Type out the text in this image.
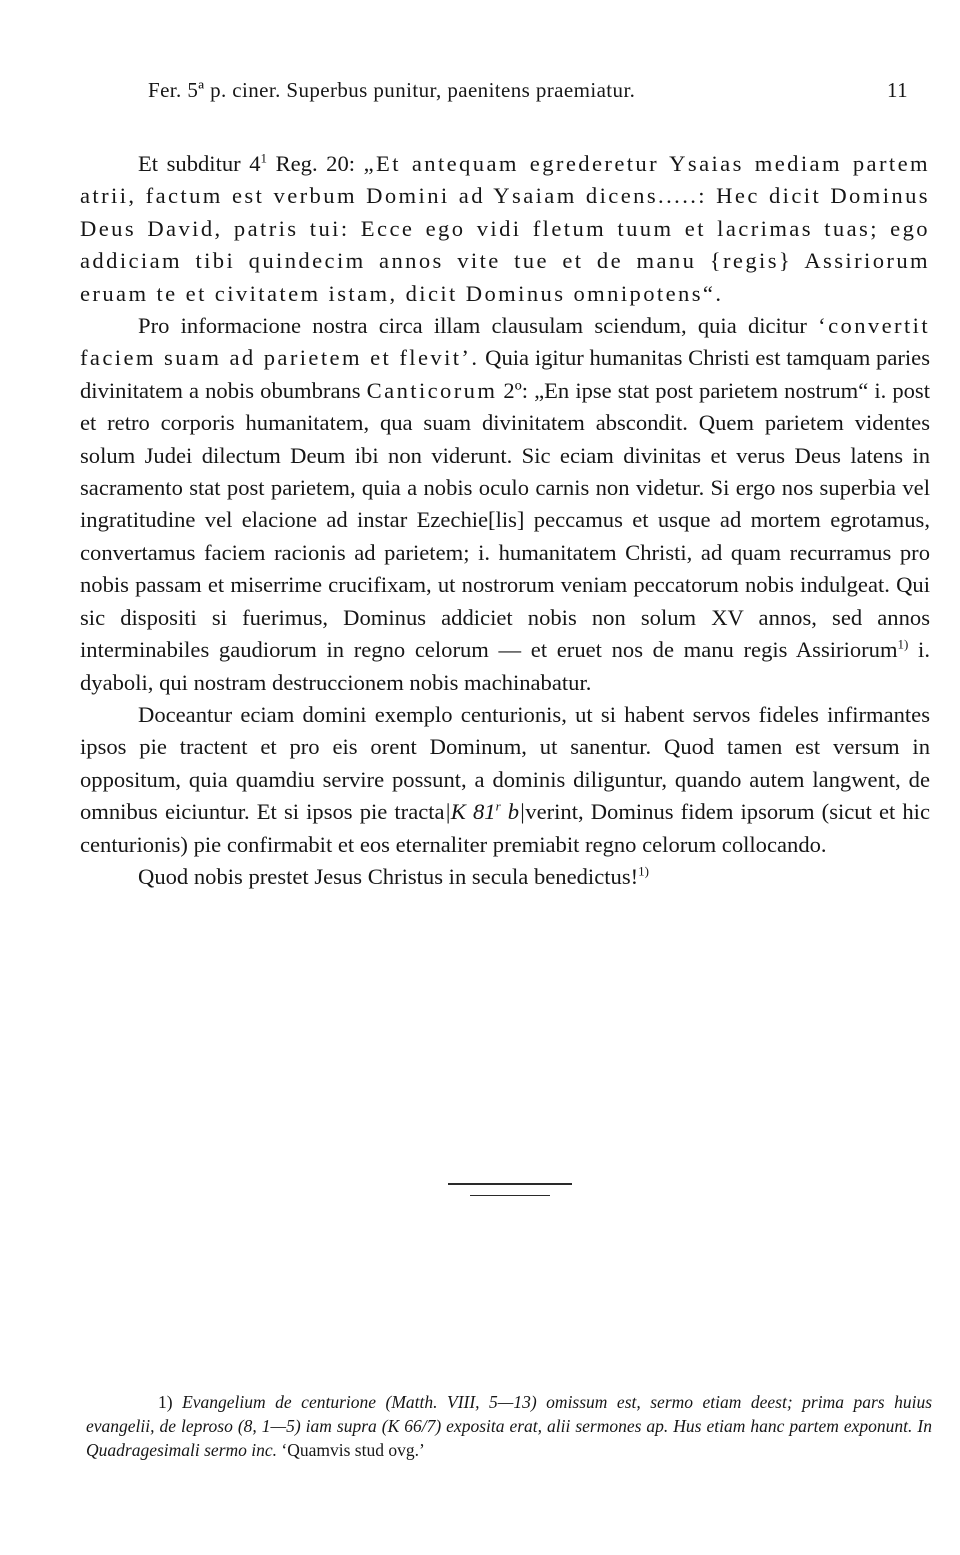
Fer. 5ª p. ciner. Superbus punitur, paenitens praemiatur.	11

Et subditur $4^1$ Reg. 20: „Et antequam egrederetur Ysaias mediam partem atrii, factum est verbum Domini ad Ysaiam dicens.....: Hec dicit Dominus Deus David, patris tui: Ecce ego vidi fletum tuum et lacrimas tuas; ego addiciam tibi quindecim annos vite tue et de manu {regis} Assiriorum eruam te et civitatem istam, dicit Dominus omnipotens“.

Pro informacione nostra circa illam clausulam sciendum, quia dicitur ‘convertit faciem suam ad parietem et flevit’. Quia igitur humanitas Christi est tamquam paries divinitatem a nobis obumbrans Canticorum 2º: „En ipse stat post parietem nostrum“ i. post et retro corporis humanitatem, qua suam divinitatem abscondit. Quem parietem videntes solum Judei dilectum Deum ibi non viderunt. Sic eciam divinitas et verus Deus latens in sacramento stat post parietem, quia a nobis oculo carnis non videtur. Si ergo nos superbia vel ingratitudine vel elacione ad instar Ezechie[lis] peccamus et usque ad mortem egrotamus, convertamus faciem racionis ad parietem; i. humanitatem Christi, ad quam recurramus pro nobis passam et miserrime crucifixam, ut nostrorum veniam peccatorum nobis indulgeat. Qui sic dispositi si fuerimus, Dominus addiciet nobis non solum XV annos, sed annos interminabiles gaudiorum in regno celorum — et eruet nos de manu regis Assiriorum$^{1)}$ i. dyaboli, qui nostram destruccionem nobis machinabatur.

Doceantur eciam domini exemplo centurionis, ut si habent servos fideles infirmantes ipsos pie tractent et pro eis orent Dominum, ut sanentur. Quod tamen est versum in oppositum, quia quamdiu servire possunt, a dominis diliguntur, quando autem langwent, de omnibus eiciuntur. Et si ipsos pie tracta|K 81$^r$ b|verint, Dominus fidem ipsorum (sicut et hic centurionis) pie confirmabit et eos eternaliter premiabit regno celorum collocando.

Quod nobis prestet Jesus Christus in secula benedictus!$^{1)}$

1) Evangelium de centurione (Matth. VIII, 5—13) omissum est, sermo etiam deest; prima pars huius evangelii, de leproso (8, 1—5) iam supra (K 66/7) exposita erat, alii sermones ap. Hus etiam hanc partem exponunt. In Quadragesimali sermo inc. ‘Quamvis stud ovg.’
